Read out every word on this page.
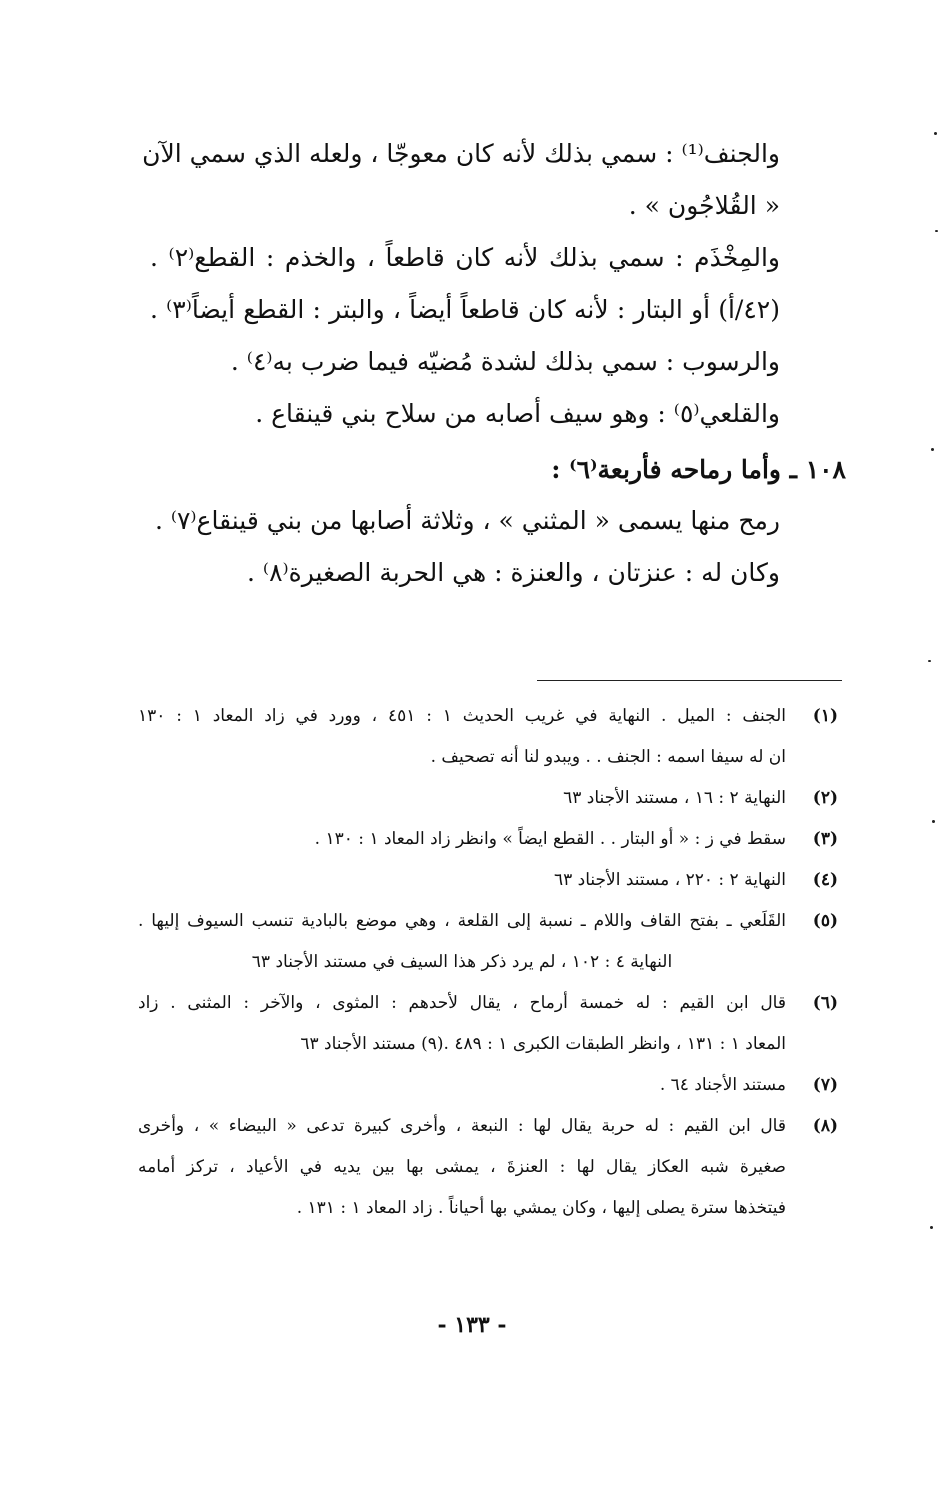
والجنف⁽¹⁾ : سمي بذلك لأنه كان معوجّا ، ولعله الذي سمي الآن
« القُلاجُون » .
والمِخْذَم : سمي بذلك لأنه كان قاطعاً ، والخذم : القطع⁽٢⁾ .
(٤٢/أ) أو البتار : لأنه كان قاطعاً أيضاً ، والبتر : القطع أيضاً⁽٣⁾ .
والرسوب : سمي بذلك لشدة مُضيّه فيما ضرب ﺑﻪ⁽٤⁾ .
والقلعي⁽٥⁾ : وهو سيف أصابه من سلاح بني قينقاع .
١٠٨ ـ وأما رماحه فأربعة⁽٦⁾ :
رمح منها يسمى « المثني » ، وثلاثة أصابها من بني قينقاع⁽٧⁾ .
وكان له : عنزتان ، والعنزة : هي الحربة الصغيرة⁽٨⁾ .
(١)
الجنف : الميل . النهاية في غريب الحديث ١ : ٤٥١ ، وورد في زاد المعاد ١ : ١٣٠
ان له سيفا اسمه : الجنف . . ويبدو لنا أنه تصحيف .
(٢)
النهاية ٢ : ١٦ ، مستند الأجناد ٦٣
(٣)
سقط في ز : « أو البتار . . القطع ايضاً » وانظر زاد المعاد ١ : ١٣٠ .
(٤)
النهاية ٢ : ٢٢٠ ، مستند الأجناد ٦٣
(٥)
القَلَعي ـ بفتح القاف واللام ـ نسبة إلى القلعة ، وهي موضع بالبادية تنسب السيوف إليها .
النهاية ٤ : ١٠٢ ، لم يرد ذكر هذا السيف في مستند الأجناد ٦٣
(٦)
قال ابن القيم : له خمسة أرماح ، يقال لأحدهم : المثوى ، والآخر : المثنى . زاد
المعاد ١ : ١٣١ ، وانظر الطبقات الكبرى ١ : ٤٨٩ .(٩) مستند الأجناد ٦٣
(٧)
مستند الأجناد ٦٤ .
(٨)
قال ابن القيم : له حربة يقال لها : النبعة ، وأخرى كبيرة تدعى « البيضاء » ، وأخرى
صغيرة شبه العكاز يقال لها : العنزةَ ، يمشى بها بين يديه في الأعياد ، تركز أمامه
فيتخذها سترة يصلى إليها ، وكان يمشي بها أحياناً . زاد المعاد ١ : ١٣١ .
- ١٣٣ -
